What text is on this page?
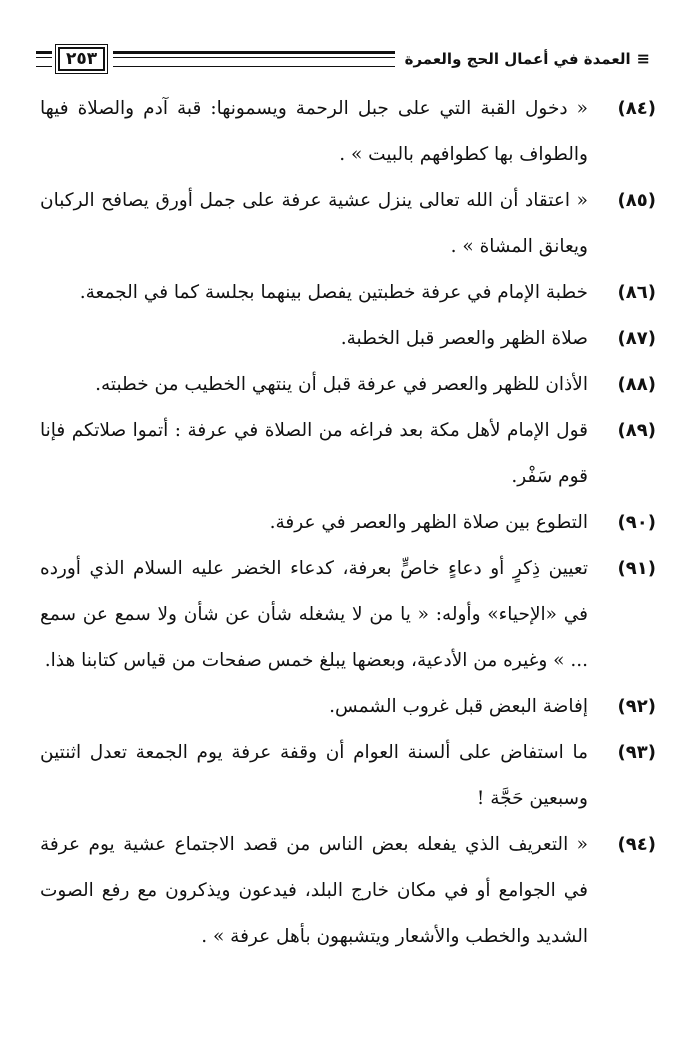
≡
العمدة في أعمال الحج والعمرة
٢٥٣
(٨٤)
« دخول القبة التي على جبل الرحمة ويسمونها: قبة آدم والصلاة فيها والطواف بها كطوافهم بالبيت » .
(٨٥)
« اعتقاد أن الله تعالى ينزل عشية عرفة على جمل أورق يصافح الركبان ويعانق المشاة » .
(٨٦)
خطبة الإمام في عرفة خطبتين يفصل بينهما بجلسة كما في الجمعة.
(٨٧)
صلاة الظهر والعصر قبل الخطبة.
(٨٨)
الأذان للظهر والعصر في عرفة قبل أن ينتهي الخطيب من خطبته.
(٨٩)
قول الإمام لأهل مكة بعد فراغه من الصلاة في عرفة : أتموا صلاتكم فإنا قوم سَفْر.
(٩٠)
التطوع بين صلاة الظهر والعصر في عرفة.
(٩١)
تعيين ذِكرٍ أو دعاءٍ خاصٍّ بعرفة، كدعاء الخضر عليه السلام الذي أورده في «الإحياء» وأوله: « يا من لا يشغله شأن عن شأن ولا سمع عن سمع ... » وغيره من الأدعية، وبعضها يبلغ خمس صفحات من قياس كتابنا هذا.
(٩٢)
إفاضة البعض قبل غروب الشمس.
(٩٣)
ما استفاض على ألسنة العوام أن وقفة عرفة يوم الجمعة تعدل اثنتين وسبعين حَجَّة !
(٩٤)
« التعريف الذي يفعله بعض الناس من قصد الاجتماع عشية يوم عرفة في الجوامع أو في مكان خارج البلد، فيدعون ويذكرون مع رفع الصوت الشديد والخطب والأشعار ويتشبهون بأهل عرفة » .
